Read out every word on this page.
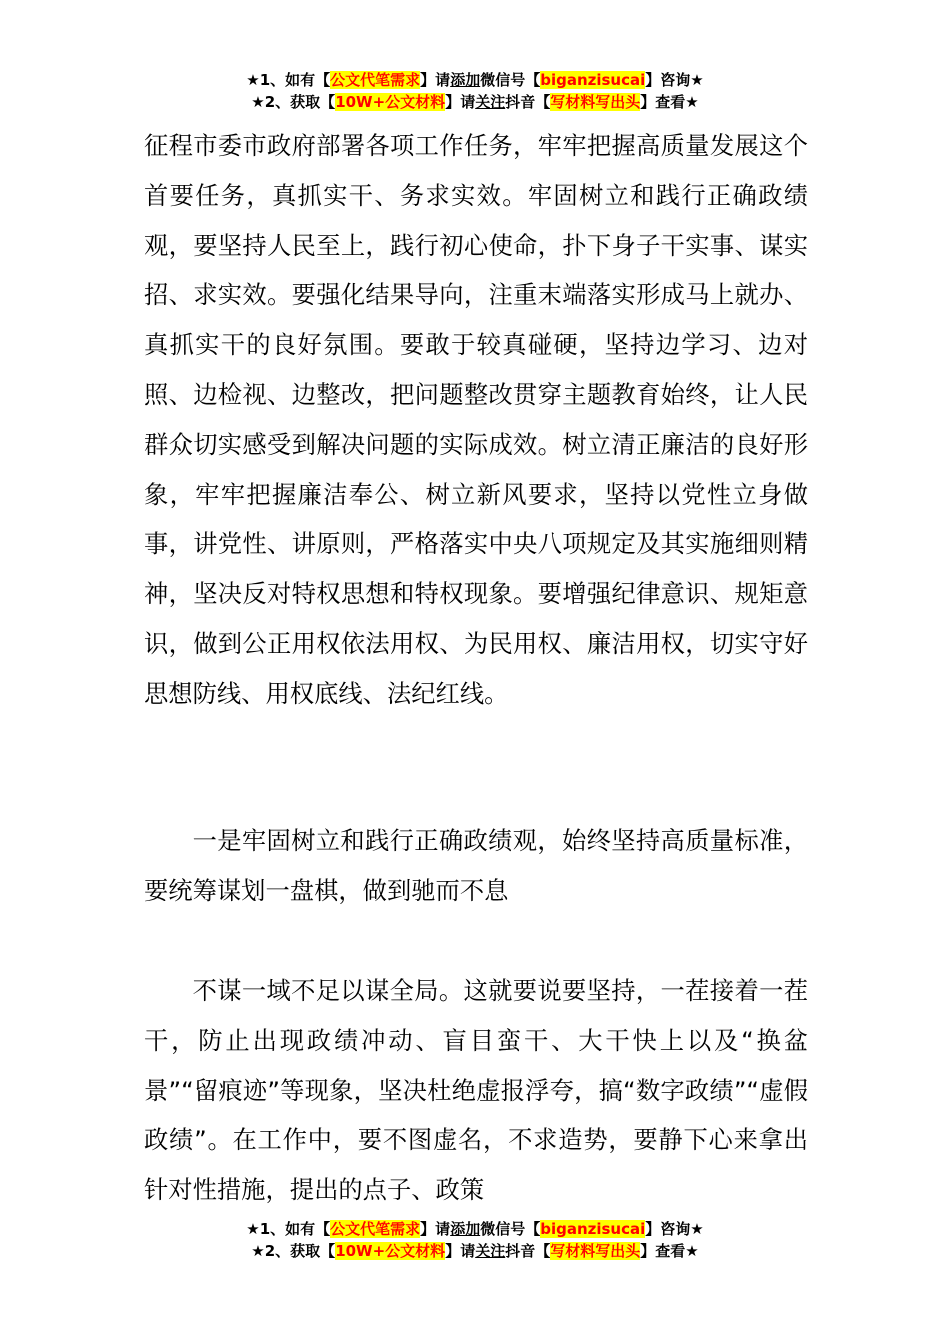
★1、如有【公文代笔需求】请添加微信号【biganzisucai】咨询★
★2、获取【10W+公文材料】请关注抖音【写材料写出头】查看★

征程市委市政府部署各项工作任务，牢牢把握高质量发展这个首要任务，真抓实干、务求实效。牢固树立和践行正确政绩观，要坚持人民至上，践行初心使命，扑下身子干实事、谋实招、求实效。要强化结果导向，注重末端落实形成马上就办、真抓实干的良好氛围。要敢于较真碰硬，坚持边学习、边对照、边检视、边整改，把问题整改贯穿主题教育始终，让人民群众切实感受到解决问题的实际成效。树立清正廉洁的良好形象，牢牢把握廉洁奉公、树立新风要求，坚持以党性立身做事，讲党性、讲原则，严格落实中央八项规定及其实施细则精神，坚决反对特权思想和特权现象。要增强纪律意识、规矩意识，做到公正用权依法用权、为民用权、廉洁用权，切实守好思想防线、用权底线、法纪红线。

一是牢固树立和践行正确政绩观，始终坚持高质量标准，要统筹谋划一盘棋，做到驰而不息

不谋一域不足以谋全局。这就要说要坚持，一茬接着一茬干，防止出现政绩冲动、盲目蛮干、大干快上以及“换盆景”“留痕迹”等现象，坚决杜绝虚报浮夸，搞“数字政绩”“虚假政绩”。在工作中，要不图虚名，不求造势，要静下心来拿出针对性措施，提出的点子、政策

★1、如有【公文代笔需求】请添加微信号【biganzisucai】咨询★
★2、获取【10W+公文材料】请关注抖音【写材料写出头】查看★
